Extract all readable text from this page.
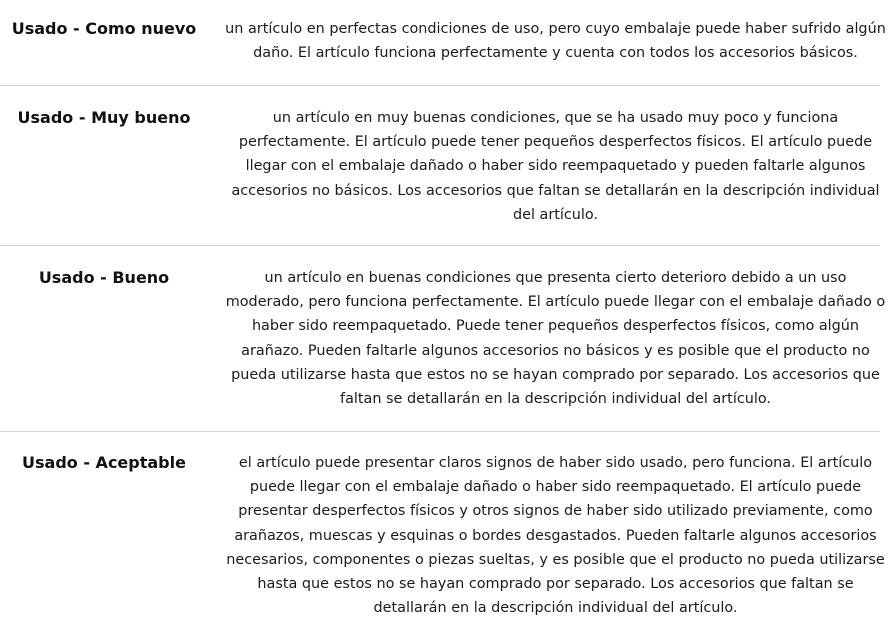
Usado - Como nuevo	un artículo en perfectas condiciones de uso, pero cuyo embalaje puede haber sufrido algún daño. El artículo funciona perfectamente y cuenta con todos los accesorios básicos.
Usado - Muy bueno	un artículo en muy buenas condiciones, que se ha usado muy poco y funciona perfectamente. El artículo puede tener pequeños desperfectos físicos. El artículo puede llegar con el embalaje dañado o haber sido reempaquetado y pueden faltarle algunos accesorios no básicos. Los accesorios que faltan se detallarán en la descripción individual del artículo.
Usado - Bueno	un artículo en buenas condiciones que presenta cierto deterioro debido a un uso moderado, pero funciona perfectamente. El artículo puede llegar con el embalaje dañado o haber sido reempaquetado. Puede tener pequeños desperfectos físicos, como algún arañazo. Pueden faltarle algunos accesorios no básicos y es posible que el producto no pueda utilizarse hasta que estos no se hayan comprado por separado. Los accesorios que faltan se detallarán en la descripción individual del artículo.
Usado - Aceptable	el artículo puede presentar claros signos de haber sido usado, pero funciona. El artículo puede llegar con el embalaje dañado o haber sido reempaquetado. El artículo puede presentar desperfectos físicos y otros signos de haber sido utilizado previamente, como arañazos, muescas y esquinas o bordes desgastados. Pueden faltarle algunos accesorios necesarios, componentes o piezas sueltas, y es posible que el producto no pueda utilizarse hasta que estos no se hayan comprado por separado. Los accesorios que faltan se detallarán en la descripción individual del artículo.
